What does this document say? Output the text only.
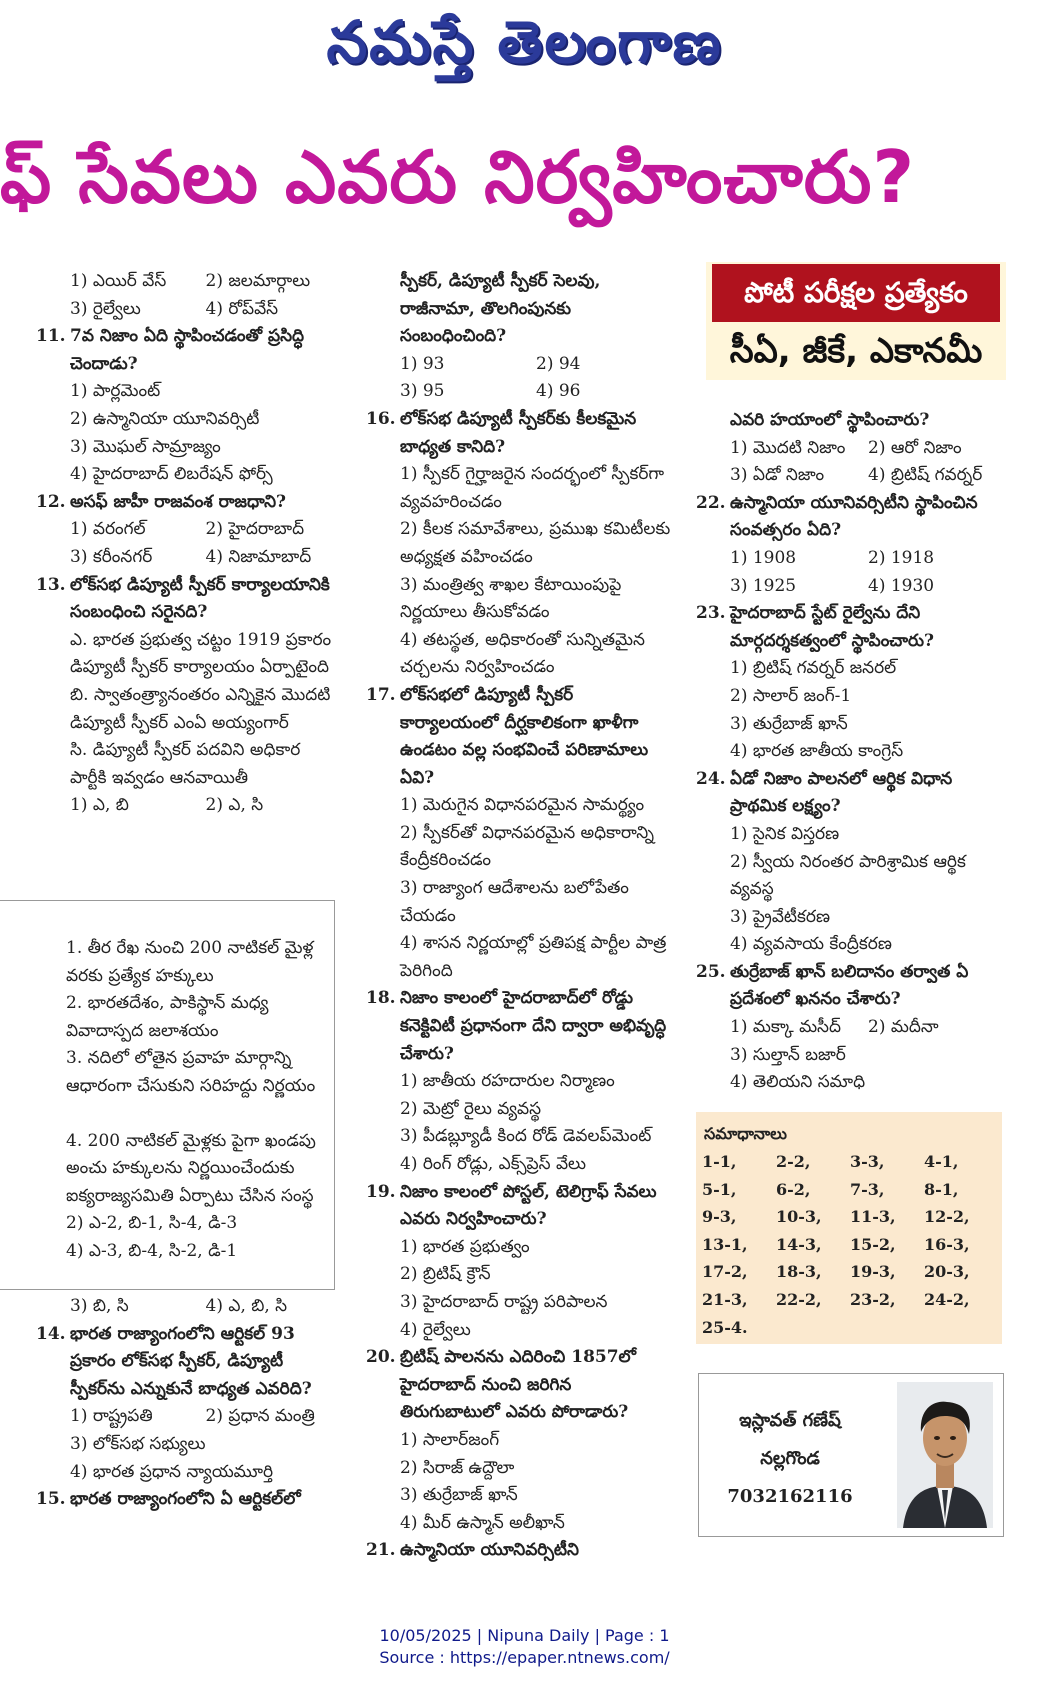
నమస్తే తెలంగాణ
ఫ్ సేవలు ఎవరు నిర్వహించారు?
1) ఎయిర్ వేస్	2) జలమార్గాలు
3) రైల్వేలు	4) రోప్‌వేస్
11. 7వ నిజాం ఏది స్థాపించడంతో ప్రసిద్ధి చెందాడు?
1) పార్లమెంట్
2) ఉస్మానియా యూనివర్సిటీ
3) మొఘల్ సామ్రాజ్యం
4) హైదరాబాద్ లిబరేషన్ ఫోర్స్
12. అసఫ్ జాహీ రాజవంశ రాజధాని?
1) వరంగల్	2) హైదరాబాద్
3) కరీంనగర్	4) నిజామాబాద్
13. లోక్‌సభ డిప్యూటీ స్పీకర్ కార్యాలయానికి సంబంధించి సరైనది?
ఎ. భారత ప్రభుత్వ చట్టం 1919 ప్రకారం డిప్యూటీ స్పీకర్ కార్యాలయం ఏర్పాటైంది
బి. స్వాతంత్ర్యానంతరం ఎన్నికైన మొదటి డిప్యూటీ స్పీకర్ ఎంఏ అయ్యంగార్
సి. డిప్యూటీ స్పీకర్ పదవిని అధికార పార్టీకి ఇవ్వడం ఆనవాయితీ
1) ఎ, బి	2) ఎ, సి
1. తీర రేఖ నుంచి 200 నాటికల్ మైళ్ల వరకు ప్రత్యేక హక్కులు
2. భారతదేశం, పాకిస్థాన్ మధ్య వివాదాస్పద జలాశయం
3. నదిలో లోతైన ప్రవాహ మార్గాన్ని ఆధారంగా చేసుకుని సరిహద్దు నిర్ణయం
4. 200 నాటికల్ మైళ్లకు పైగా ఖండపు అంచు హక్కులను నిర్ణయించేందుకు ఐక్యరాజ్యసమితి ఏర్పాటు చేసిన సంస్థ
2) ఎ-2, బి-1, సి-4, డి-3
4) ఎ-3, బి-4, సి-2, డి-1
3) బి, సి	4) ఎ, బి, సి
14. భారత రాజ్యాంగంలోని ఆర్టికల్ 93 ప్రకారం లోక్‌సభ స్పీకర్, డిప్యూటీ స్పీకర్‌ను ఎన్నుకునే బాధ్యత ఎవరిది?
1) రాష్ట్రపతి	2) ప్రధాన మంత్రి
3) లోక్‌సభ సభ్యులు
4) భారత ప్రధాన న్యాయమూర్తి
15. భారత రాజ్యాంగంలోని ఏ ఆర్టికల్‌లో
స్పీకర్, డిప్యూటీ స్పీకర్ సెలవు, రాజీనామా, తొలగింపునకు సంబంధించింది?
1) 93	2) 94
3) 95	4) 96
16. లోక్‌సభ డిప్యూటీ స్పీకర్‌కు కీలకమైన బాధ్యత కానిది?
1) స్పీకర్ గైర్హాజరైన సందర్భంలో స్పీకర్‌గా వ్యవహరించడం
2) కీలక సమావేశాలు, ప్రముఖ కమిటీలకు అధ్యక్షత వహించడం
3) మంత్రిత్వ శాఖల కేటాయింపుపై నిర్ణయాలు తీసుకోవడం
4) తటస్థత, అధికారంతో సున్నితమైన చర్చలను నిర్వహించడం
17. లోక్‌సభలో డిప్యూటీ స్పీకర్ కార్యాలయంలో దీర్ఘకాలికంగా ఖాళీగా ఉండటం వల్ల సంభవించే పరిణామాలు ఏవి?
1) మెరుగైన విధానపరమైన సామర్థ్యం
2) స్పీకర్‌తో విధానపరమైన అధికారాన్ని కేంద్రీకరించడం
3) రాజ్యాంగ ఆదేశాలను బలోపేతం చేయడం
4) శాసన నిర్ణయాల్లో ప్రతిపక్ష పార్టీల పాత్ర పెరిగింది
18. నిజాం కాలంలో హైదరాబాద్‌లో రోడ్డు కనెక్టివిటీ ప్రధానంగా దేని ద్వారా అభివృద్ధి చేశారు?
1) జాతీయ రహదారుల నిర్మాణం
2) మెట్రో రైలు వ్యవస్థ
3) పీడబ్ల్యూడీ కింద రోడ్ డెవలప్‌మెంట్
4) రింగ్ రోడ్లు, ఎక్స్‌ప్రెస్ వేలు
19. నిజాం కాలంలో పోస్టల్, టెలిగ్రాఫ్ సేవలు ఎవరు నిర్వహించారు?
1) భారత ప్రభుత్వం
2) బ్రిటిష్ క్రౌన్
3) హైదరాబాద్ రాష్ట్ర పరిపాలన
4) రైల్వేలు
20. బ్రిటిష్ పాలనను ఎదిరించి 1857లో హైదరాబాద్ నుంచి జరిగిన తిరుగుబాటులో ఎవరు పోరాడారు?
1) సాలార్‌జంగ్
2) సిరాజ్ ఉద్దౌలా
3) తుర్రేబాజ్ ఖాన్
4) మీర్ ఉస్మాన్ అలీఖాన్
21. ఉస్మానియా యూనివర్సిటీని
పోటీ పరీక్షల ప్రత్యేకం
సీఏ, జీకే, ఎకానమీ
ఎవరి హయాంలో స్థాపించారు?
1) మొదటి నిజాం	2) ఆరో నిజాం
3) ఏడో నిజాం	4) బ్రిటిష్ గవర్నర్
22. ఉస్మానియా యూనివర్సిటీని స్థాపించిన సంవత్సరం ఏది?
1) 1908	2) 1918
3) 1925	4) 1930
23. హైదరాబాద్ స్టేట్ రైల్వేను దేని మార్గదర్శకత్వంలో స్థాపించారు?
1) బ్రిటిష్ గవర్నర్ జనరల్
2) సాలార్ జంగ్-1
3) తుర్రేబాజ్ ఖాన్
4) భారత జాతీయ కాంగ్రెస్
24. ఏడో నిజాం పాలనలో ఆర్థిక విధాన ప్రాథమిక లక్ష్యం?
1) సైనిక విస్తరణ
2) స్వీయ నిరంతర పారిశ్రామిక ఆర్థిక వ్యవస్థ
3) ప్రైవేటీకరణ
4) వ్యవసాయ కేంద్రీకరణ
25. తుర్రేబాజ్ ఖాన్ బలిదానం తర్వాత ఏ ప్రదేశంలో ఖననం చేశారు?
1) మక్కా మసీద్	2) మదీనా
3) సుల్తాన్ బజార్
4) తెలియని సమాధి
సమాధానాలు
1-1,	2-2,	3-3,	4-1,
5-1,	6-2,	7-3,	8-1,
9-3,	10-3,	11-3,	12-2,
13-1,	14-3,	15-2,	16-3,
17-2,	18-3,	19-3,	20-3,
21-3,	22-2,	23-2,	24-2,
25-4.
ఇస్లావత్ గణేష్
నల్లగొండ
7032162116
10/05/2025 | Nipuna Daily | Page : 1
Source : https://epaper.ntnews.com/
